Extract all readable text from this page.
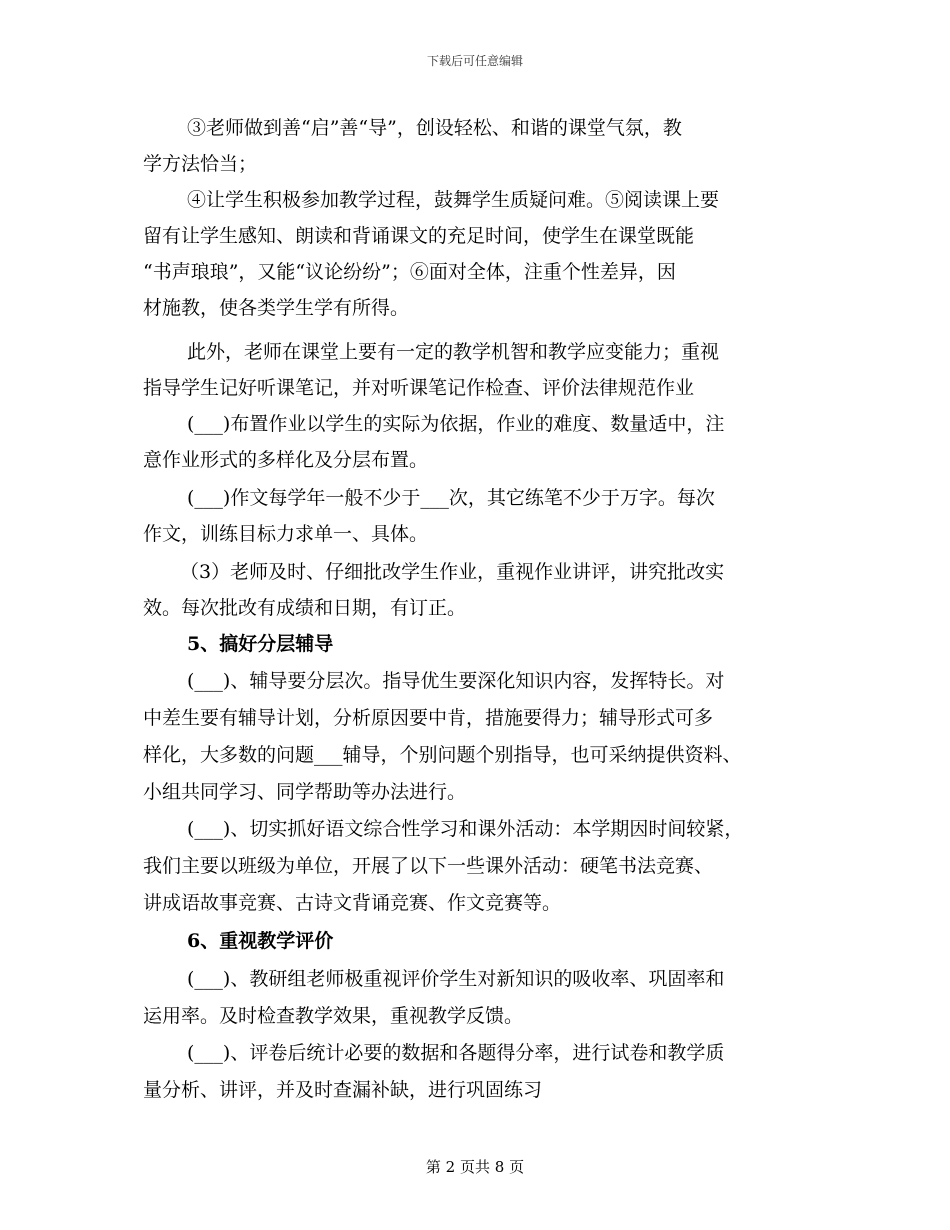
下载后可任意编辑
③老师做到善“启”善“导”，创设轻松、和谐的课堂气氛，教
学方法恰当；
④让学生积极参加教学过程，鼓舞学生质疑问难。⑤阅读课上要
留有让学生感知、朗读和背诵课文的充足时间，使学生在课堂既能
“书声琅琅”，又能“议论纷纷”；⑥面对全体，注重个性差异，因
材施教，使各类学生学有所得。
此外，老师在课堂上要有一定的教学机智和教学应变能力；重视
指导学生记好听课笔记，并对听课笔记作检查、评价法律规范作业
(___)布置作业以学生的实际为依据，作业的难度、数量适中，注
意作业形式的多样化及分层布置。
(___)作文每学年一般不少于___次，其它练笔不少于万字。每次
作文，训练目标力求单一、具体。
（3）老师及时、仔细批改学生作业，重视作业讲评，讲究批改实
效。每次批改有成绩和日期，有订正。
5、搞好分层辅导
(___)、辅导要分层次。指导优生要深化知识内容，发挥特长。对
中差生要有辅导计划，分析原因要中肯，措施要得力；辅导形式可多
样化，大多数的问题___辅导，个别问题个别指导，也可采纳提供资料、
小组共同学习、同学帮助等办法进行。
(___)、切实抓好语文综合性学习和课外活动：本学期因时间较紧，
我们主要以班级为单位，开展了以下一些课外活动：硬笔书法竞赛、
讲成语故事竞赛、古诗文背诵竞赛、作文竞赛等。
6、重视教学评价
(___)、教研组老师极重视评价学生对新知识的吸收率、巩固率和
运用率。及时检查教学效果，重视教学反馈。
(___)、评卷后统计必要的数据和各题得分率，进行试卷和教学质
量分析、讲评，并及时查漏补缺，进行巩固练习
第 2 页共 8 页
